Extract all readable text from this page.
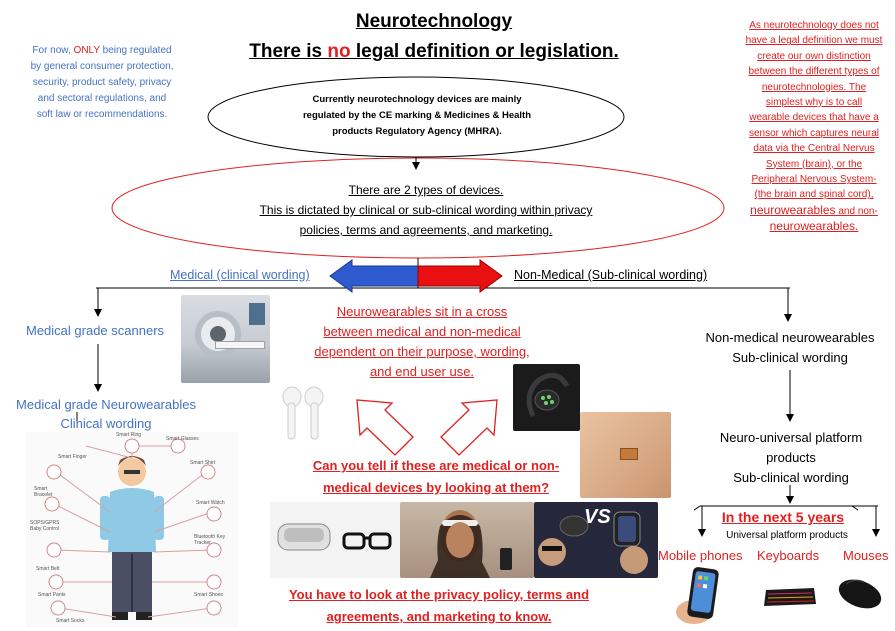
Neurotechnology
There is no legal definition or legislation.
For now, ONLY being regulated by general consumer protection, security, product safety, privacy and sectoral regulations, and soft law or recommendations.
Currently neurotechnology devices are mainly regulated by the CE marking & Medicines & Health products Regulatory Agency (MHRA).
There are 2 types of devices.
This is dictated by clinical or sub-clinical wording within privacy policies, terms and agreements, and marketing.
As neurotechnology does not have a legal definition we must create our own distinction between the different types of neurotechnologies. The simplest why is to call wearable devices that have a sensor which captures neural data via the Central Nervus System (brain), or the Peripheral Nervous System- (the brain and spinal cord), neurowearables and non-neurowearables.
Medical (clinical wording)	Non-Medical (Sub-clinical wording)
Medical grade scanners
Medical grade Neurowearables
Clinical wording
Smart Ring
Smart Glasses
Smart Finger
Smart Shirt
Smart Bracelet
SOPS/GPRS Baby Control
Smart Watch
Bluetooth Key Tracker
Smart Belt
Smart Pants
Smart Socks
Smart Shoes
Neurowearables sit in a cross between medical and non-medical dependent on their purpose, wording, and end user use.
Can you tell if these are medical or non-medical devices by looking at them?
VS
You have to look at the privacy policy, terms and agreements, and marketing to know.
Non-medical neurowearables
Sub-clinical wording
Neuro-universal platform products
Sub-clinical wording
In the next 5 years
Universal platform products
Mobile phones Keyboards Mouses
